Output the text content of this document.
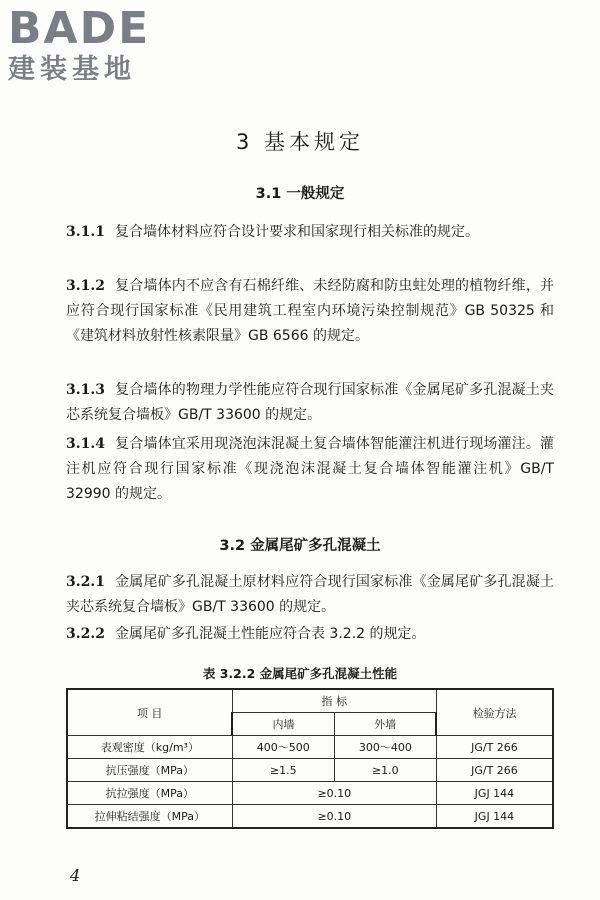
BADE
建装基地
3 基本规定
3.1 一般规定
3.1.1 复合墙体材料应符合设计要求和国家现行相关标准的规定。
3.1.2 复合墙体内不应含有石棉纤维、未经防腐和防虫蛀处理的植物纤维，并应符合现行国家标准《民用建筑工程室内环境污染控制规范》GB 50325 和《建筑材料放射性核素限量》GB 6566 的规定。
3.1.3 复合墙体的物理力学性能应符合现行国家标准《金属尾矿多孔混凝土夹芯系统复合墙板》GB/T 33600 的规定。
3.1.4 复合墙体宜采用现浇泡沫混凝土复合墙体智能灌注机进行现场灌注。灌注机应符合现行国家标准《现浇泡沫混凝土复合墙体智能灌注机》GB/T 32990 的规定。
3.2 金属尾矿多孔混凝土
3.2.1 金属尾矿多孔混凝土原材料应符合现行国家标准《金属尾矿多孔混凝土夹芯系统复合墙板》GB/T 33600 的规定。
3.2.2 金属尾矿多孔混凝土性能应符合表 3.2.2 的规定。
表 3.2.2 金属尾矿多孔混凝土性能
项 目	指 标		检验方法
	内墙	外墙	
表观密度（kg/m³）	400～500	300～400	JG/T 266
抗压强度（MPa）	≥1.5	≥1.0	JG/T 266
抗拉强度（MPa）	≥0.10		JGJ 144
拉伸粘结强度（MPa）	≥0.10		JGJ 144
4
